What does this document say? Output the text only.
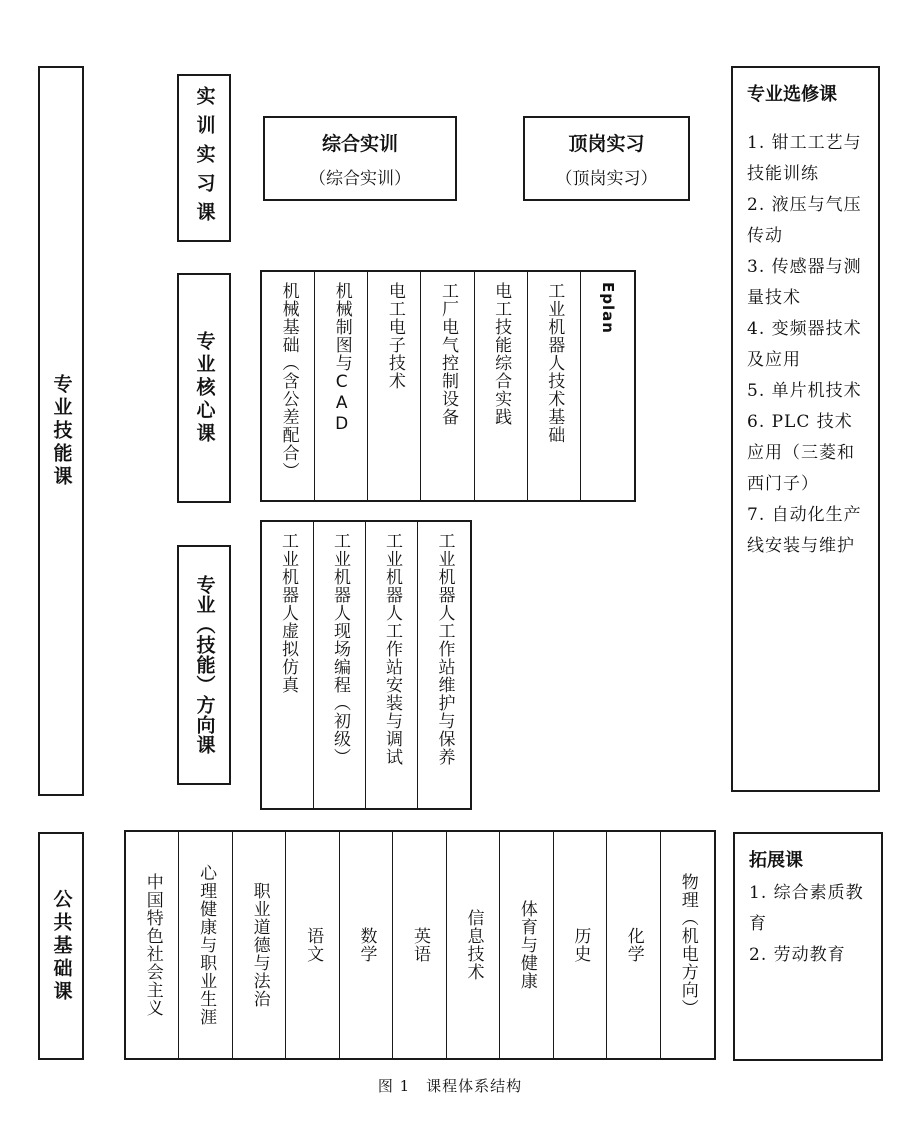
专业技能课
公共基础课
实训实习课	综合实训
（综合实训）
顶岗实习
（顶岗实习）
专业核心课	机械基础（含公差配合） 机械制图与CAD 电工电子技术 工厂电气控制设备 电工技能综合实践 工业机器人技术基础 Eplan
专业（技能）方向课	工业机器人虚拟仿真 工业机器人现场编程（初级） 工业机器人工作站安装与调试 工业机器人工作站维护与保养
专业选修课
1. 钳工工艺与技能训练
2. 液压与气压传动
3. 传感器与测量技术
4. 变频器技术及应用
5. 单片机技术
6. PLC 技术应用（三菱和西门子）
7. 自动化生产线安装与维护
中国特色社会主义 心理健康与职业生涯 职业道德与法治 语文 数学 英语 信息技术 体育与健康 历史 化学 物理（机电方向）
拓展课
1. 综合素质教育
2. 劳动教育
图 1　课程体系结构
